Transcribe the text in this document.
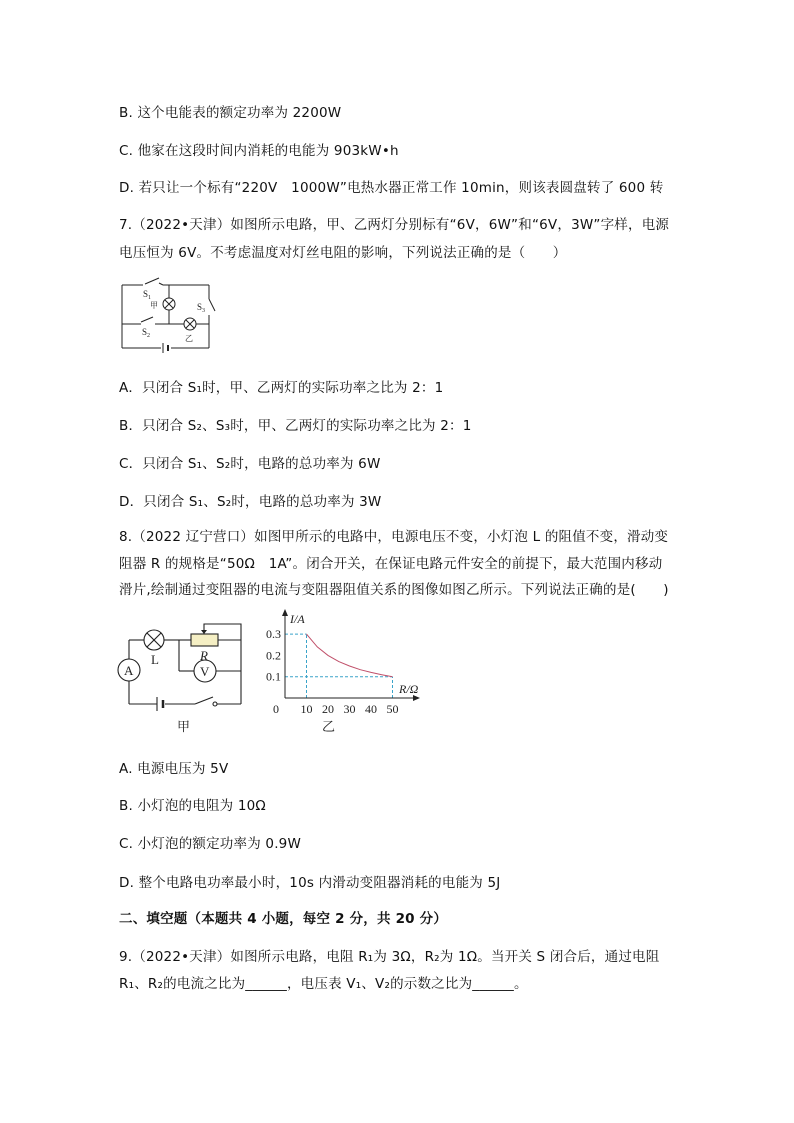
B. 这个电能表的额定功率为 2200W
C. 他家在这段时间内消耗的电能为 903kW•h
D. 若只让一个标有“220V　1000W”电热水器正常工作 10min，则该表圆盘转了 600 转
7.（2022•天津）如图所示电路，甲、乙两灯分别标有“6V，6W”和“6V，3W”字样，电源
电压恒为 6V。不考虑温度对灯丝电阻的影响，下列说法正确的是（　　）
$S_1$
甲	$S_3$
$S_2$	乙
A．只闭合 S₁时，甲、乙两灯的实际功率之比为 2：1
B．只闭合 S₂、S₃时，甲、乙两灯的实际功率之比为 2：1
C．只闭合 S₁、S₂时，电路的总功率为 6W
D．只闭合 S₁、S₂时，电路的总功率为 3W
8.（2022 辽宁营口）如图甲所示的电路中，电源电压不变，小灯泡 L 的阻值不变，滑动变
阻器 R 的规格是“50Ω　1A”。闭合开关，在保证电路元件安全的前提下，最大范围内移动
滑片,绘制通过变阻器的电流与变阻器阻值关系的图像如图乙所示。下列说法正确的是(　　)
L	R
A	V
甲
10 20 30 40 50
0.1
0.2
0.3
I/A
R/Ω
0
乙
A. 电源电压为 5V
B. 小灯泡的电阻为 10Ω
C. 小灯泡的额定功率为 0.9W
D. 整个电路电功率最小时，10s 内滑动变阻器消耗的电能为 5J
二、填空题（本题共 4 小题，每空 2 分，共 20 分）
9.（2022•天津）如图所示电路，电阻 R₁为 3Ω，R₂为 1Ω。当开关 S 闭合后，通过电阻
R₁、R₂的电流之比为______，电压表 V₁、V₂的示数之比为______。
